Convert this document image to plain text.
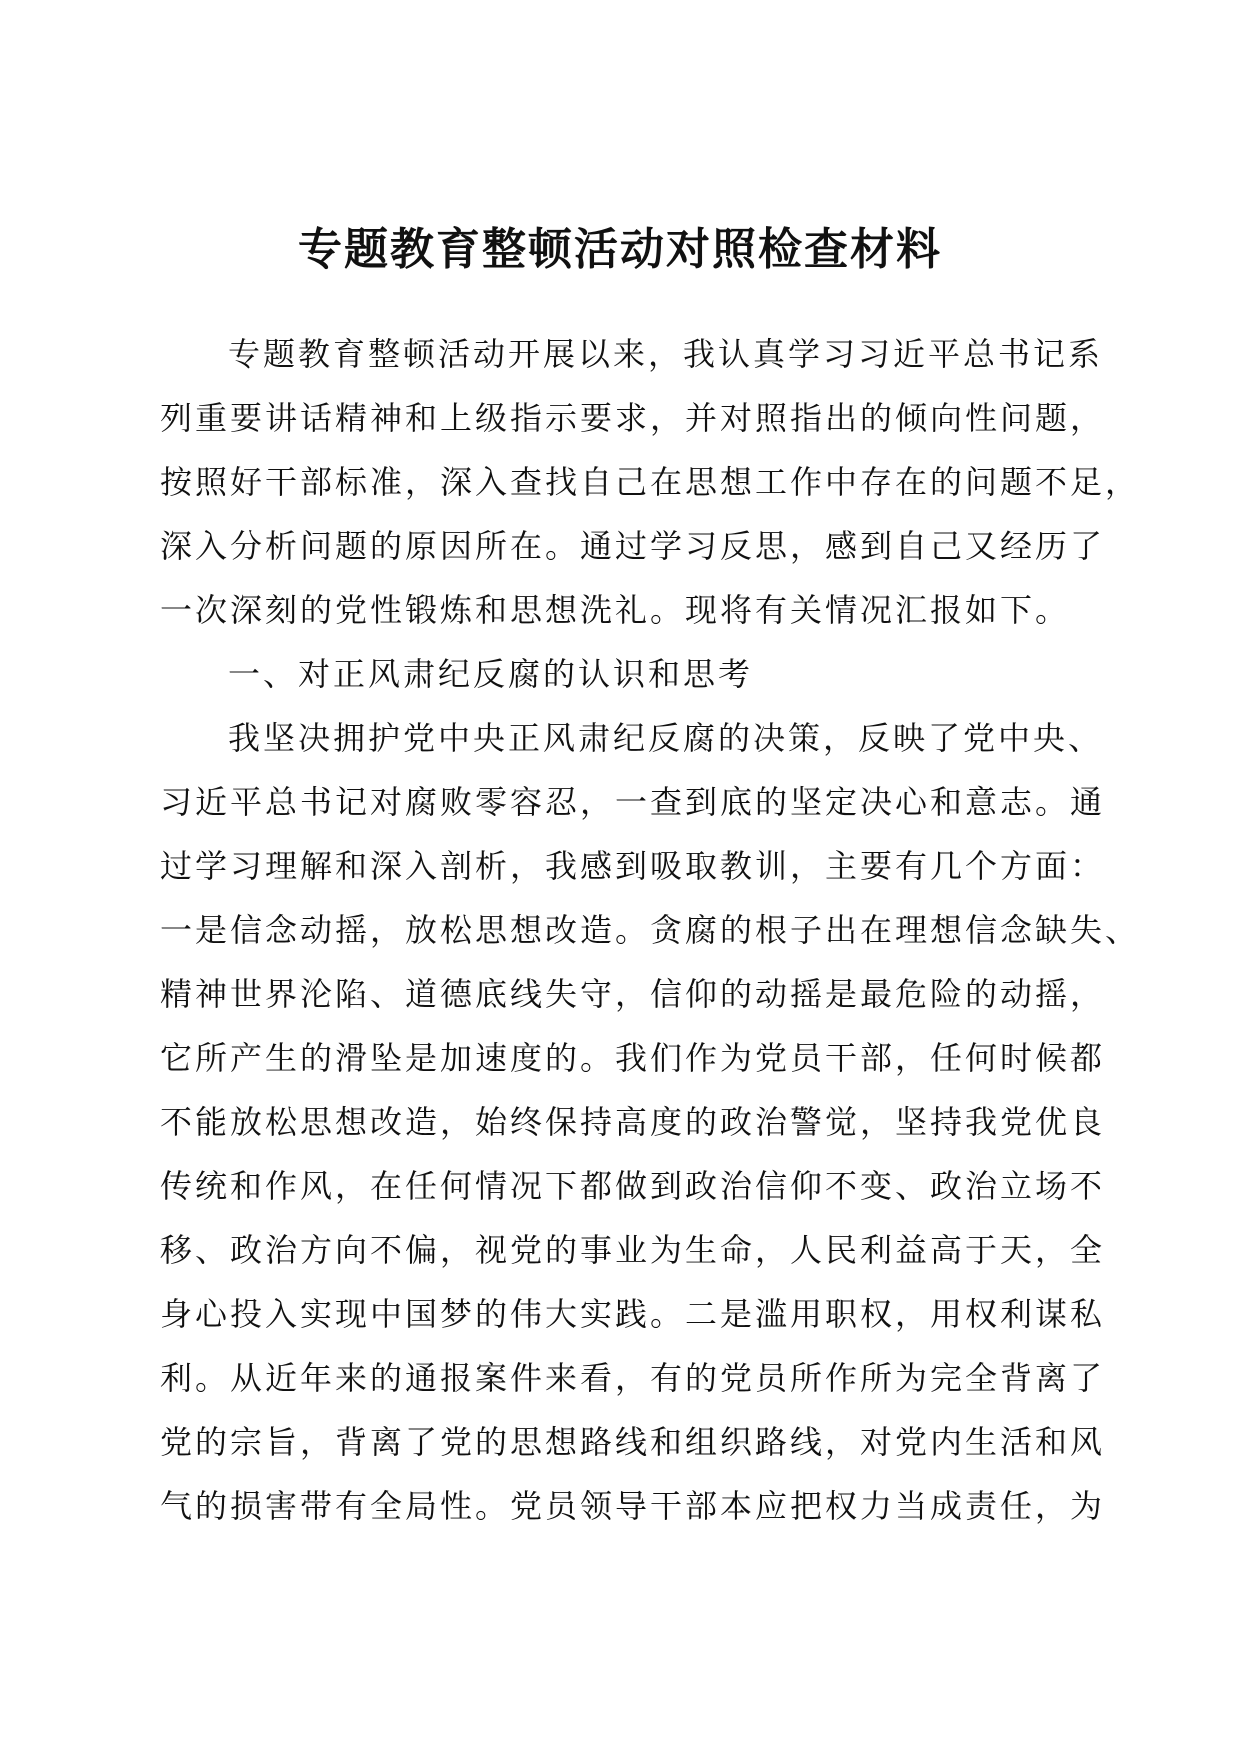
专题教育整顿活动对照检查材料

专题教育整顿活动开展以来，我认真学习习近平总书记系

列重要讲话精神和上级指示要求，并对照指出的倾向性问题，

按照好干部标准，深入查找自己在思想工作中存在的问题不足，

深入分析问题的原因所在。通过学习反思，感到自己又经历了

一次深刻的党性锻炼和思想洗礼。现将有关情况汇报如下。

一、对正风肃纪反腐的认识和思考

我坚决拥护党中央正风肃纪反腐的决策，反映了党中央、

习近平总书记对腐败零容忍，一查到底的坚定决心和意志。通

过学习理解和深入剖析，我感到吸取教训，主要有几个方面：

一是信念动摇，放松思想改造。贪腐的根子出在理想信念缺失、

精神世界沦陷、道德底线失守，信仰的动摇是最危险的动摇，

它所产生的滑坠是加速度的。我们作为党员干部，任何时候都

不能放松思想改造，始终保持高度的政治警觉，坚持我党优良

传统和作风，在任何情况下都做到政治信仰不变、政治立场不

移、政治方向不偏，视党的事业为生命，人民利益高于天，全

身心投入实现中国梦的伟大实践。二是滥用职权，用权利谋私

利。从近年来的通报案件来看，有的党员所作所为完全背离了

党的宗旨，背离了党的思想路线和组织路线，对党内生活和风

气的损害带有全局性。党员领导干部本应把权力当成责任，为
